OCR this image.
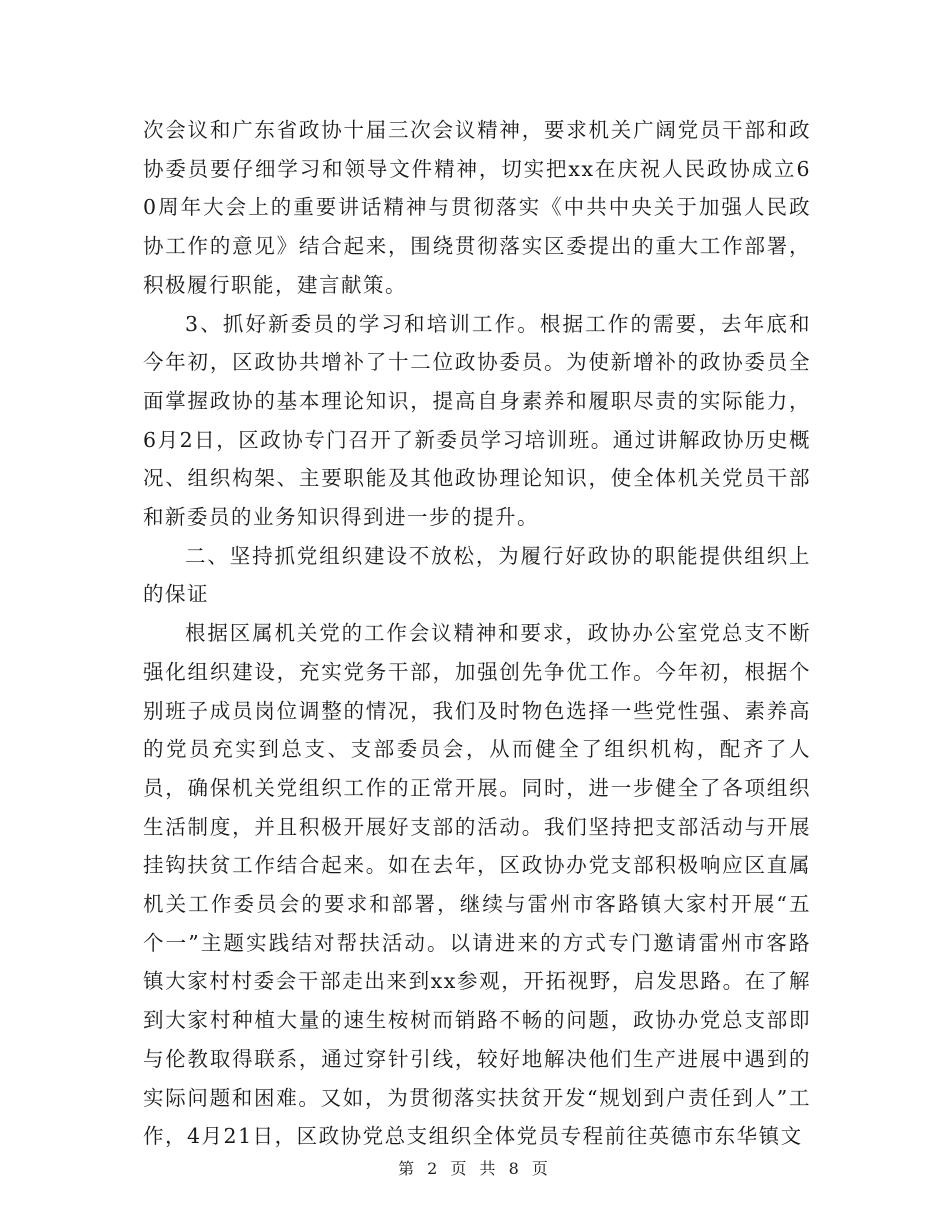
次会议和广东省政协十届三次会议精神，要求机关广阔党员干部和政协委员要仔细学习和领导文件精神，切实把xx在庆祝人民政协成立60周年大会上的重要讲话精神与贯彻落实《中共中央关于加强人民政协工作的意见》结合起来，围绕贯彻落实区委提出的重大工作部署，积极履行职能，建言献策。

3、抓好新委员的学习和培训工作。根据工作的需要，去年底和今年初，区政协共增补了十二位政协委员。为使新增补的政协委员全面掌握政协的基本理论知识，提高自身素养和履职尽责的实际能力，6月2日，区政协专门召开了新委员学习培训班。通过讲解政协历史概况、组织构架、主要职能及其他政协理论知识，使全体机关党员干部和新委员的业务知识得到进一步的提升。

二、坚持抓党组织建设不放松，为履行好政协的职能提供组织上的保证

根据区属机关党的工作会议精神和要求，政协办公室党总支不断强化组织建设，充实党务干部，加强创先争优工作。今年初，根据个别班子成员岗位调整的情况，我们及时物色选择一些党性强、素养高的党员充实到总支、支部委员会，从而健全了组织机构，配齐了人员，确保机关党组织工作的正常开展。同时，进一步健全了各项组织生活制度，并且积极开展好支部的活动。我们坚持把支部活动与开展挂钩扶贫工作结合起来。如在去年，区政协办党支部积极响应区直属机关工作委员会的要求和部署，继续与雷州市客路镇大家村开展“五个一”主题实践结对帮扶活动。以请进来的方式专门邀请雷州市客路镇大家村村委会干部走出来到xx参观，开拓视野，启发思路。在了解到大家村种植大量的速生桉树而销路不畅的问题，政协办党总支部即与伦教取得联系，通过穿针引线，较好地解决他们生产进展中遇到的实际问题和困难。又如，为贯彻落实扶贫开发“规划到户责任到人”工作，4月21日，区政协党总支组织全体党员专程前往英德市东华镇文

第 2 页 共 8 页
